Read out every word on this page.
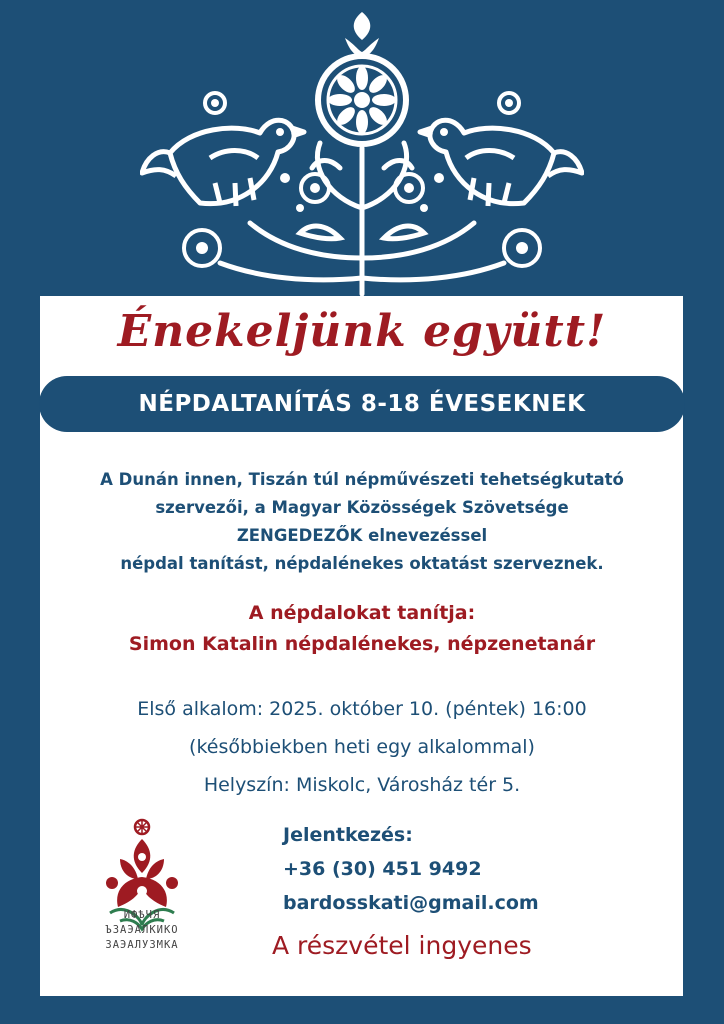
Énekeljünk együtt!
NÉPDALTANÍTÁS 8-18 ÉVESEKNEK
A Dunán innen, Tiszán túl népművészeti tehetségkutató
szervezői, a Magyar Közösségek Szövetsége
ZENGEDEZŐK elnevezéssel
népdal tanítást, népdalénekes oktatást szerveznek.
A népdalokat tanítja:
Simon Katalin népdalénekes, népzenetanár
Első alkalom: 2025. október 10. (péntek) 16:00
(későbbiekben heti egy alkalommal)
Helyszín: Miskolc, Városház tér 5.
ИФѢЧЯ
ЪЗАЭАЛКИКО
ЗАЭАЛУЗМКА
Jelentkezés:
+36 (30) 451 9492
bardosskati@gmail.com
A részvétel ingyenes
